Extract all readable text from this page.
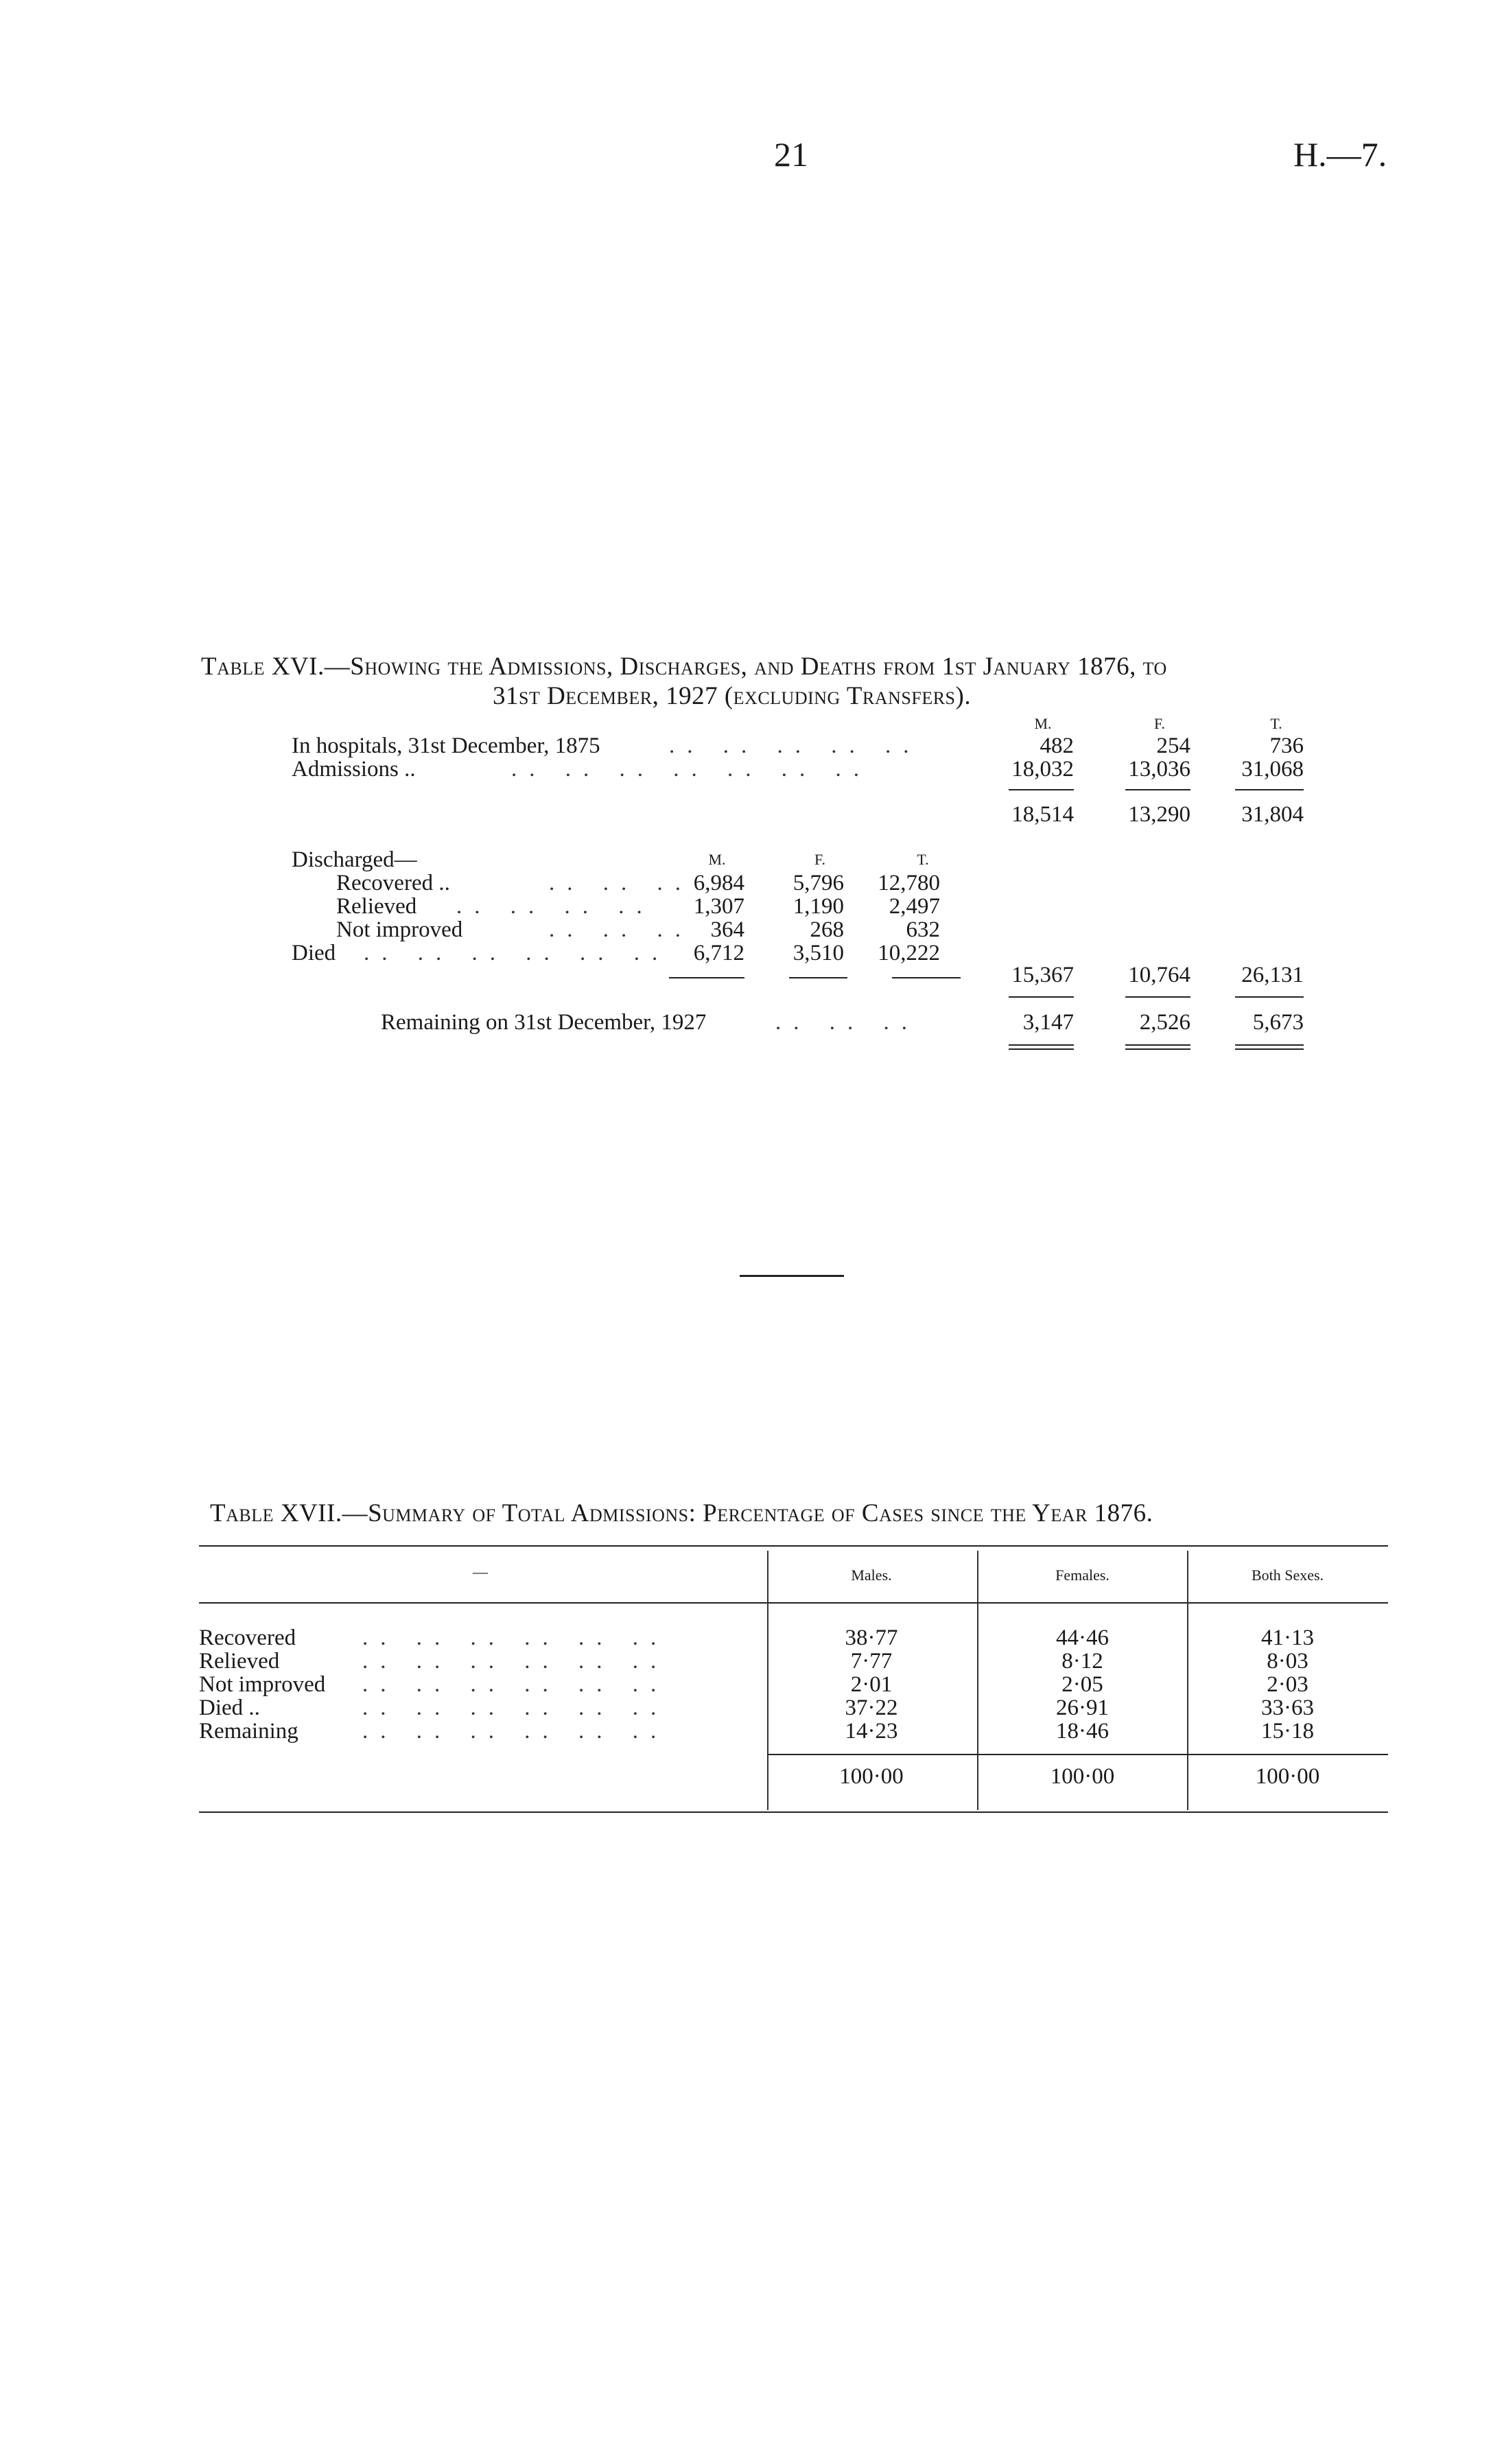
21	H.—7.
Table XVI.—Showing the Admissions, Discharges, and Deaths from 1st January 1876, to
31st December, 1927 (excluding Transfers).
M.	F.	T.
In hospitals, 31st December, 1875	.. .. .. .. ..	482	254	736
Admissions ..	.. .. .. .. .. .. ..	18,032	13,036	31,068
18,514	13,290	31,804
Discharged—	M.	F.	T.
Recovered ..	.. .. .. 6,984	5,796	12,780
Relieved .. .. .. ..	1,307	1,190	2,497
Not improved	.. .. .. 364	268	632
Died .. .. .. .. .. ..	6,712	3,510	10,222
15,367	10,764	26,131
Remaining on 31st December, 1927	.. .. ..	3,147	2,526	5,673
Table XVII.—Summary of Total Admissions: Percentage of Cases since the Year 1876.
—	Males.	Females.	Both Sexes.
Recovered	.. .. .. .. .. ..	38·77	44·46	41·13
Relieved	.. .. .. .. .. ..	7·77	8·12	8·03
Not improved .. .. .. .. .. ..	2·01	2·05	2·03
Died ..	.. .. .. .. .. ..	37·22	26·91	33·63
Remaining	.. .. .. .. .. ..	14·23	18·46	15·18
100·00	100·00	100·00
